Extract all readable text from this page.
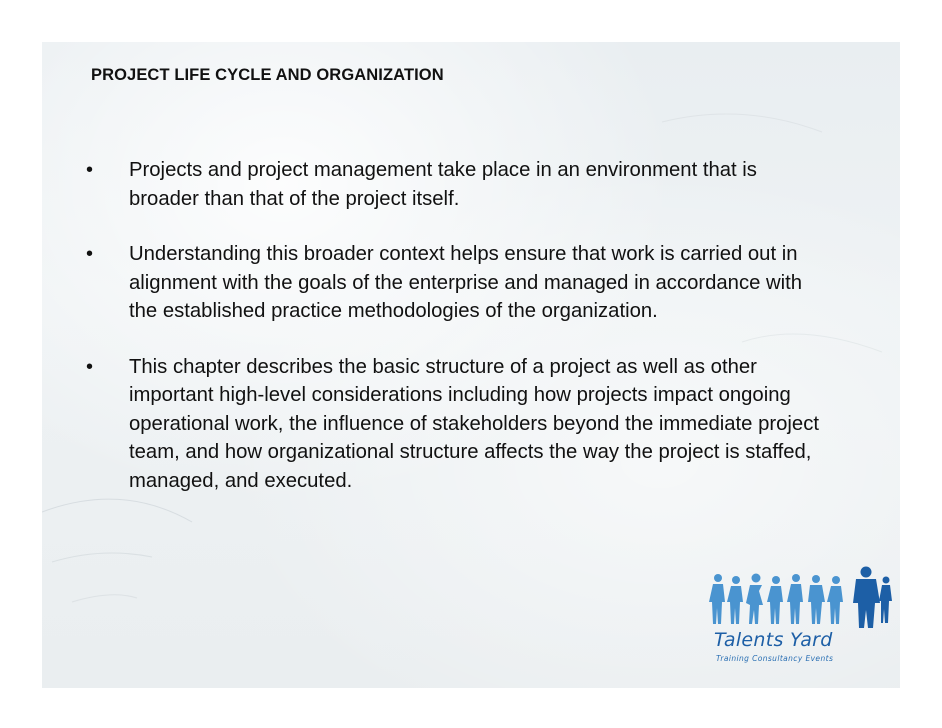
PROJECT LIFE CYCLE AND ORGANIZATION
• Projects and project management take place in an environment that is broader than that of the project itself.
• Understanding this broader context helps ensure that work is carried out in alignment with the goals of the enterprise and managed in accordance with the established practice methodologies of the organization.
• This chapter describes the basic structure of a project as well as other important high-level considerations including how projects impact ongoing operational work, the influence of stakeholders beyond the immediate project team, and how organizational structure affects the way the project is staffed, managed, and executed.
Talents Yard
Training Consultancy Events
